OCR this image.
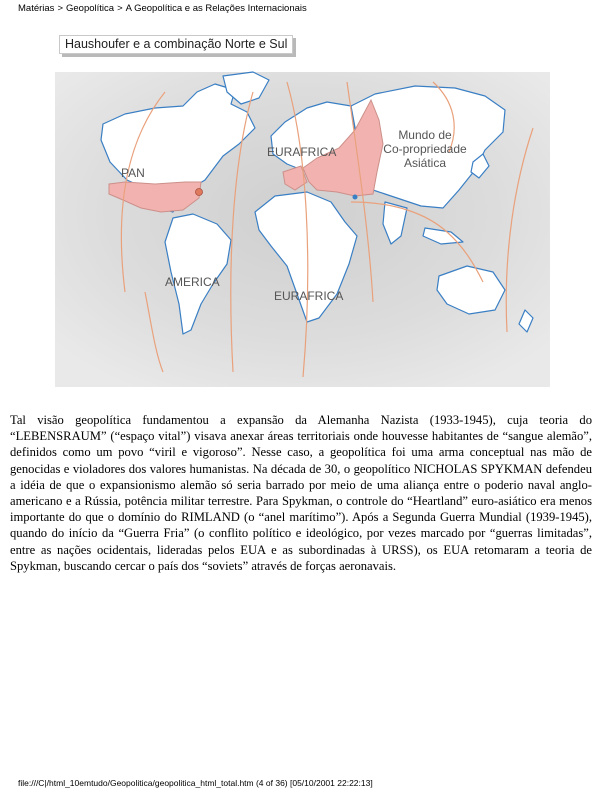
Matérias > Geopolítica > A Geopolítica e as Relações Internacionais
Haushoufer e a combinação Norte e Sul
PAN
EURAFRICA
AMERICA
EURAFRICA
Mundo de
Co-propriedade
Asiática
Tal visão geopolítica fundamentou a expansão da Alemanha Nazista (1933-1945), cuja teoria do “LEBENSRAUM” (“espaço vital”) visava anexar áreas territoriais onde houvesse habitantes de “sangue alemão”, definidos como um povo “viril e vigoroso”. Nesse caso, a geopolítica foi uma arma conceptual nas mão de genocidas e violadores dos valores humanistas. Na década de 30, o geopolítico NICHOLAS SPYKMAN defendeu a idéia de que o expansionismo alemão só seria barrado por meio de uma aliança entre o poderio naval anglo-americano e a Rússia, potência militar terrestre. Para Spykman, o controle do “Heartland” euro-asiático era menos importante do que o domínio do RIMLAND (o “anel marítimo”). Após a Segunda Guerra Mundial (1939-1945), quando do início da “Guerra Fria” (o conflito político e ideológico, por vezes marcado por “guerras limitadas”, entre as nações ocidentais, lideradas pelos EUA e as subordinadas à URSS), os EUA retomaram a teoria de Spykman, buscando cercar o país dos “soviets” através de forças aeronavais.
file:///C|/html_10emtudo/Geopolitica/geopolitica_html_total.htm (4 of 36) [05/10/2001 22:22:13]
